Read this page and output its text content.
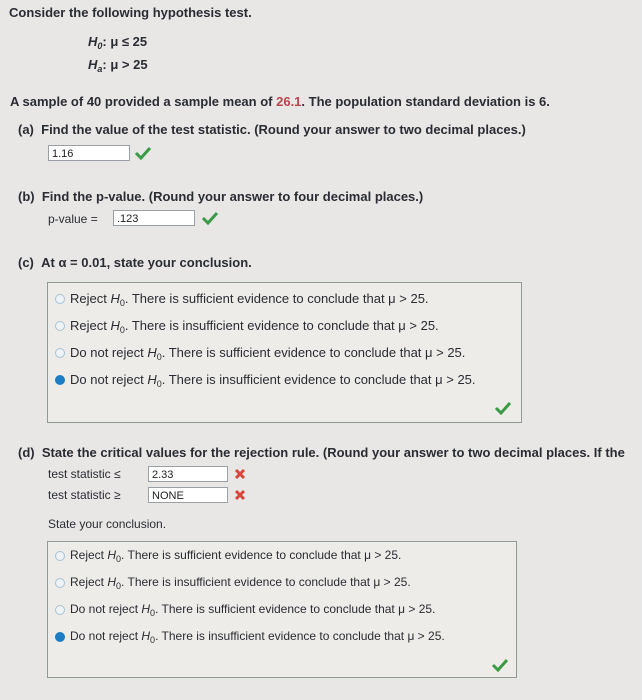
Consider the following hypothesis test.
$H_0$: μ ≤ 25
$H_a$: μ > 25
A sample of 40 provided a sample mean of 26.1. The population standard deviation is 6.
(a) Find the value of the test statistic. (Round your answer to two decimal places.)
1.16
(b) Find the p-value. (Round your answer to four decimal places.)
p-value =	.123
(c) At α = 0.01, state your conclusion.
Reject $H_0$. There is sufficient evidence to conclude that μ > 25.
Reject $H_0$. There is insufficient evidence to conclude that μ > 25.
Do not reject $H_0$. There is sufficient evidence to conclude that μ > 25.
Do not reject $H_0$. There is insufficient evidence to conclude that μ > 25.
(d) State the critical values for the rejection rule. (Round your answer to two decimal places. If the
test statistic ≤	2.33
test statistic ≥	NONE
State your conclusion.
Reject $H_0$. There is sufficient evidence to conclude that μ > 25.
Reject $H_0$. There is insufficient evidence to conclude that μ > 25.
Do not reject $H_0$. There is sufficient evidence to conclude that μ > 25.
Do not reject $H_0$. There is insufficient evidence to conclude that μ > 25.
